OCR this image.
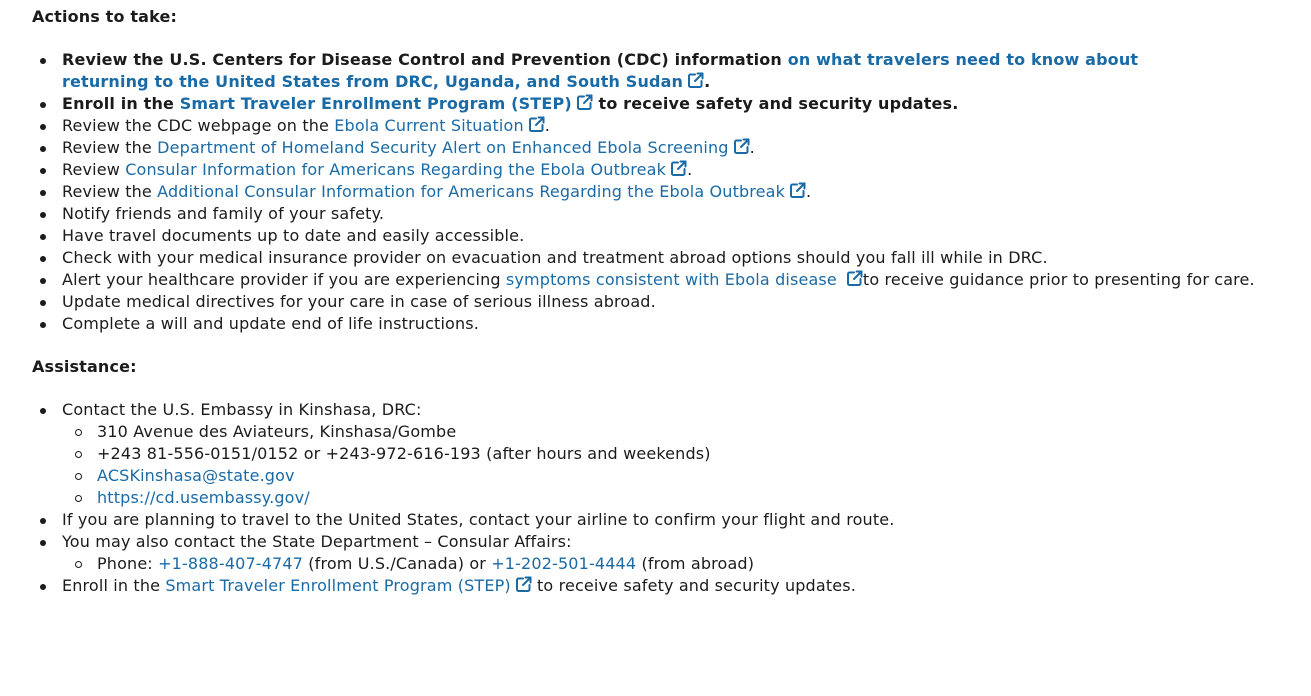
Actions to take:

Review the U.S. Centers for Disease Control and Prevention (CDC) information on what travelers need to know about returning to the United States from DRC, Uganda, and South Sudan .
Enroll in the Smart Traveler Enrollment Program (STEP)
to receive safety and security updates.
Review the CDC webpage on the Ebola Current Situation .
Review the Department of Homeland Security Alert on Enhanced Ebola Screening .
Review Consular Information for Americans Regarding the Ebola Outbreak .
Review the Additional Consular Information for Americans Regarding the Ebola Outbreak .
Notify friends and family of your safety.
Have travel documents up to date and easily accessible.
Check with your medical insurance provider on evacuation and treatment abroad options should you fall ill while in DRC.
Alert your healthcare provider if you are experiencing symptoms consistent with Ebola disease to receive guidance prior to presenting for care.
Update medical directives for your care in case of serious illness abroad.
Complete a will and update end of life instructions.

Assistance:

Contact the U.S. Embassy in Kinshasa, DRC:
310 Avenue des Aviateurs, Kinshasa/Gombe
+243 81-556-0151/0152 or +243-972-616-193 (after hours and weekends)
ACSKinshasa@state.gov
https://cd.usembassy.gov/
If you are planning to travel to the United States, contact your airline to confirm your flight and route.
You may also contact the State Department – Consular Affairs:
Phone: +1-888-407-4747 (from U.S./Canada) or +1-202-501-4444 (from abroad)
Enroll in the Smart Traveler Enrollment Program (STEP)
to receive safety and security updates.
